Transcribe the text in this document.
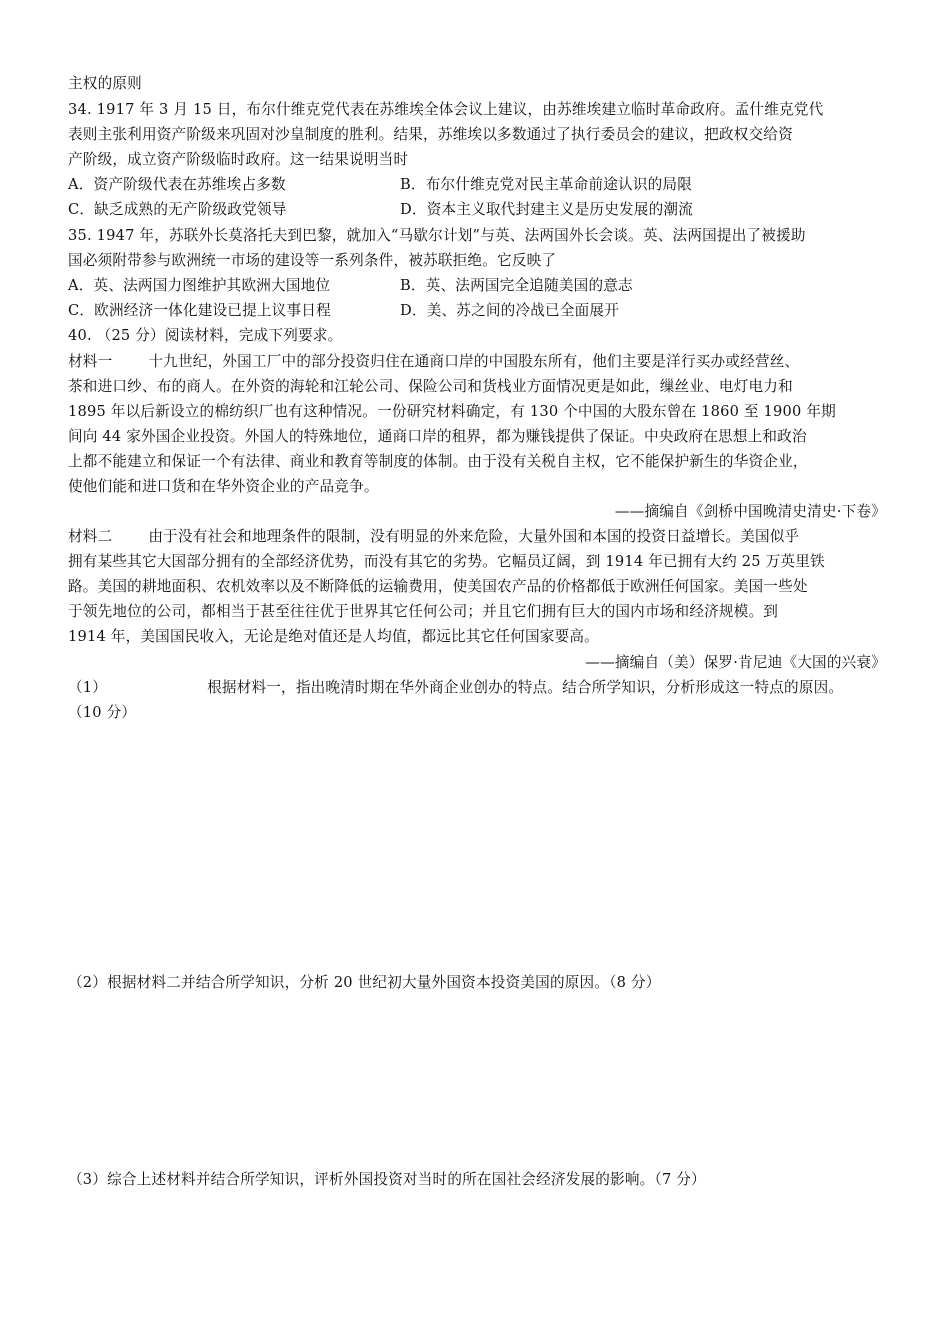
主权的原则
34. 1917 年 3 月 15 日，布尔什维克党代表在苏维埃全体会议上建议，由苏维埃建立临时革命政府。孟什维克党代
表则主张利用资产阶级来巩固对沙皇制度的胜利。结果，苏维埃以多数通过了执行委员会的建议，把政权交给资
产阶级，成立资产阶级临时政府。这一结果说明当时
A．资产阶级代表在苏维埃占多数	B．布尔什维克党对民主革命前途认识的局限
C．缺乏成熟的无产阶级政党领导	D．资本主义取代封建主义是历史发展的潮流
35. 1947 年，苏联外长莫洛托夫到巴黎，就加入“马歇尔计划”与英、法两国外长会谈。英、法两国提出了被援助
国必须附带参与欧洲统一市场的建设等一系列条件，被苏联拒绝。它反映了
A．英、法两国力图维护其欧洲大国地位	B．英、法两国完全追随美国的意志
C．欧洲经济一体化建设已提上议事日程	D．美、苏之间的冷战已全面展开
40. （25 分）阅读材料，完成下列要求。
材料一 十九世纪，外国工厂中的部分投资归住在通商口岸的中国股东所有，他们主要是洋行买办或经营丝、
茶和进口纱、布的商人。在外资的海轮和江轮公司、保险公司和货栈业方面情况更是如此，缫丝业、电灯电力和
1895 年以后新设立的棉纺织厂也有这种情况。一份研究材料确定，有 130 个中国的大股东曾在 1860 至 1900 年期
间向 44 家外国企业投资。外国人的特殊地位，通商口岸的租界，都为赚钱提供了保证。中央政府在思想上和政治
上都不能建立和保证一个有法律、商业和教育等制度的体制。由于没有关税自主权，它不能保护新生的华资企业，
使他们能和进口货和在华外资企业的产品竞争。
——摘编自《剑桥中国晚清史清史·下卷》
材料二 由于没有社会和地理条件的限制，没有明显的外来危险，大量外国和本国的投资日益增长。美国似乎
拥有某些其它大国部分拥有的全部经济优势，而没有其它的劣势。它幅员辽阔，到 1914 年已拥有大约 25 万英里铁
路。美国的耕地面积、农机效率以及不断降低的运输费用，使美国农产品的价格都低于欧洲任何国家。美国一些处
于领先地位的公司，都相当于甚至往往优于世界其它任何公司；并且它们拥有巨大的国内市场和经济规模。到
1914 年，美国国民收入，无论是绝对值还是人均值，都远比其它任何国家要高。
——摘编自（美）保罗·肯尼迪《大国的兴衰》
（1）	根据材料一，指出晚清时期在华外商企业创办的特点。结合所学知识，分析形成这一特点的原因。
（10 分）
（2）根据材料二并结合所学知识，分析 20 世纪初大量外国资本投资美国的原因。（8 分）
（3）综合上述材料并结合所学知识，评析外国投资对当时的所在国社会经济发展的影响。（7 分）
